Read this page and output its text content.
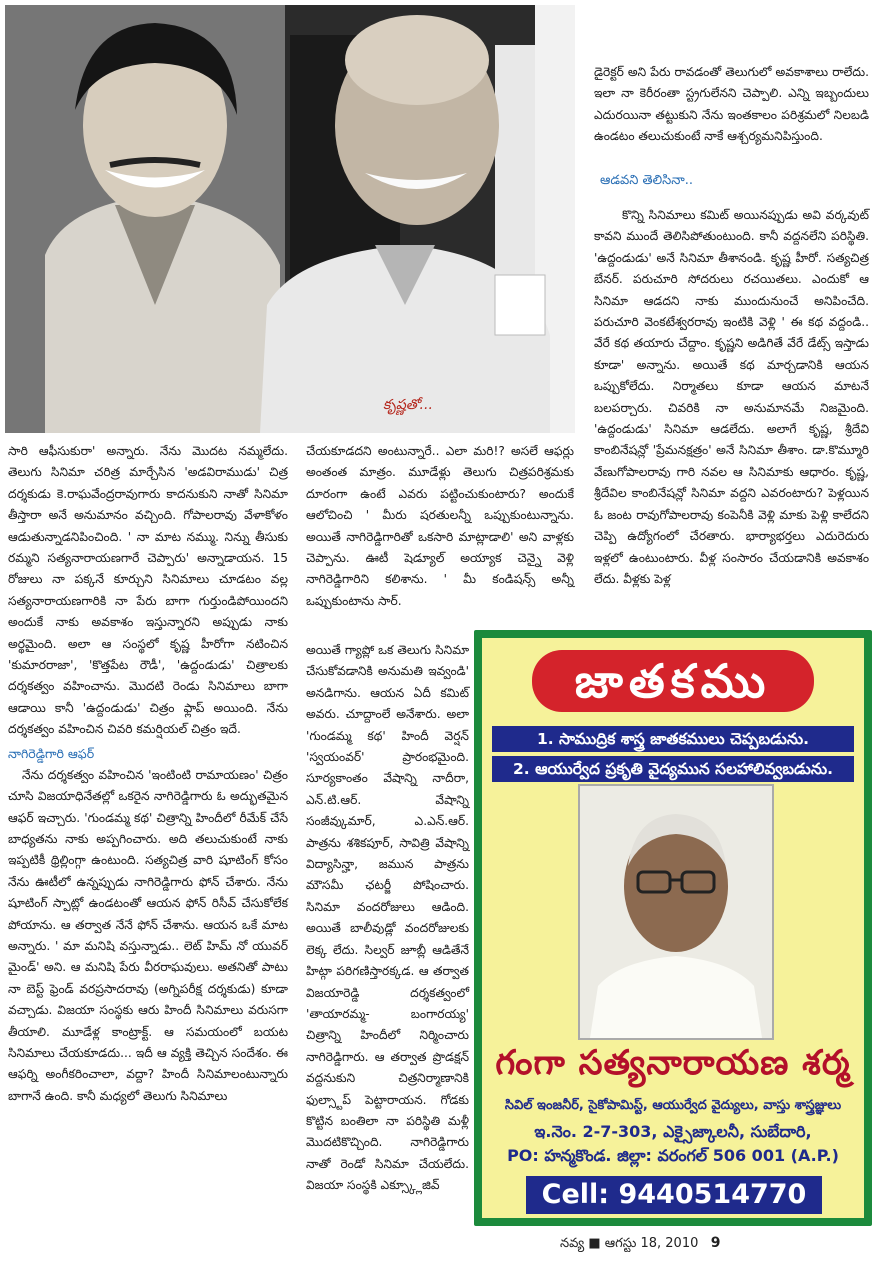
కృష్ణతో...

డైరెక్టర్ అని పేరు రావడంతో తెలుగులో అవకాశాలు రాలేదు. ఇలా నా కెరీరంతా స్ట్రగులేనని చెప్పాలి. ఎన్ని ఇబ్బందులు ఎదురయినా తట్టుకుని నేను ఇంతకాలం పరిశ్రమలో నిలబడి ఉండటం తలుచుకుంటే నాకే ఆశ్చర్యమనిపిస్తుంది.

ఆడవని తెలిసినా..

కొన్ని సినిమాలు కమిట్ అయినప్పుడు అవి వర్కవుట్ కావని ముందే తెలిసిపోతుంటుంది. కానీ వద్దనలేని పరిస్థితి. 'ఉద్దండుడు' అనే సినిమా తీశానండి. కృష్ణ హీరో. సత్యచిత్ర బేనర్. పరుచూరి సోదరులు రచయితలు. ఎందుకో ఆ సినిమా ఆడదని నాకు ముందునుంచే అనిపించేది. పరుచూరి వెంకటేశ్వరరావు ఇంటికి వెళ్లి ' ఈ కథ వద్దండి.. వేరే కథ తయారు చేద్దాం. కృష్ణని అడిగితే వేరే డేట్స్ ఇస్తాడు కూడా' అన్నాను. అయితే కథ మార్చడానికి ఆయన ఒప్పుకోలేదు. నిర్మాతలు కూడా ఆయన మాటనే బలపర్చారు. చివరికి నా అనుమానమే నిజమైంది. 'ఉద్దండుడు' సినిమా ఆడలేదు. అలాగే కృష్ణ, శ్రీదేవి కాంబినేషన్లో 'ప్రేమనక్షత్రం' అనే సినిమా తీశాం. డా.కొమ్మూరి వేణుగోపాలరావు గారి నవల ఆ సినిమాకు ఆధారం. కృష్ణ, శ్రీదేవిల కాంబినేషన్లో సినిమా వద్దని ఎవరంటారు? పెళ్లయిన ఓ జంట రావుగోపాలరావు కంపెనీకి వెళ్లి మాకు పెళ్లి కాలేదని చెప్పి ఉద్యోగంలో చేరతారు. భార్యాభర్తలు ఎదురెదురు ఇళ్లలో ఉంటుంటారు. వీళ్ల సంసారం చేయడానికి అవకాశం లేదు. వీళ్లకు పెళ్ల

సారి ఆఫీసుకురా' అన్నారు. నేను మొదట నమ్మలేదు. తెలుగు సినిమా చరిత్ర మార్చేసిన 'అడవిరాముడు' చిత్ర దర్శకుడు కె.రాఘవేంద్రరావుగారు కాదనుకుని నాతో సినిమా తీస్తారా అనే అనుమానం వచ్చింది. గోపాలరావు వేళాకోళం ఆడుతున్నాడనిపించింది. ' నా మాట నమ్ము. నిన్ను తీసుకు రమ్మని సత్యనారాయణగారే చెప్పారు' అన్నాడాయన. 15 రోజులు నా పక్కనే కూర్చుని సినిమాలు చూడటం వల్ల సత్యనారాయణగారికి నా పేరు బాగా గుర్తుండిపోయిందని అందుకే నాకు అవకాశం ఇస్తున్నారని అప్పుడు నాకు అర్థమైంది. అలా ఆ సంస్థలో కృష్ణ హీరోగా నటించిన 'కుమారరాజా', 'కొత్తపేట రౌడీ', 'ఉద్దండుడు' చిత్రాలకు దర్శకత్వం వహించాను. మొదటి రెండు సినిమాలు బాగా ఆడాయి కానీ 'ఉద్దండుడు' చిత్రం ఫ్లాప్ అయింది. నేను దర్శకత్వం వహించిన చివరి కమర్షియల్ చిత్రం ఇదే.

నాగిరెడ్డిగారి ఆఫర్

నేను దర్శకత్వం వహించిన 'ఇంటింటి రామాయణం' చిత్రం చూసి విజయాధినేతల్లో ఒకరైన నాగిరెడ్డిగారు ఓ అద్భుతమైన ఆఫర్ ఇచ్చారు. 'గుండమ్మ కథ' చిత్రాన్ని హిందీలో రీమేక్ చేసే బాధ్యతను నాకు అప్పగించారు. అది తలుచుకుంటే నాకు ఇప్పటికీ థ్రిల్లింగ్గా ఉంటుంది. సత్యచిత్ర వారి షూటింగ్ కోసం నేను ఊటీలో ఉన్నప్పుడు నాగిరెడ్డిగారు ఫోన్ చేశారు. నేను షూటింగ్ స్పాట్లో ఉండటంతో ఆయన ఫోన్ రిసీవ్ చేసుకోలేక పోయాను. ఆ తర్వాత నేనే ఫోన్ చేశాను. ఆయన ఒకే మాట అన్నారు. ' మా మనిషి వస్తున్నాడు.. లెట్ హిమ్ నో యువర్ మైండ్' అని. ఆ మనిషి పేరు వీరరాఘవులు. అతనితో పాటు నా బెస్ట్ ఫ్రెండ్ వరప్రసాదరావు (అగ్నిపరీక్ష దర్శకుడు) కూడా వచ్చాడు. విజయా సంస్థకు ఆరు హిందీ సినిమాలు వరుసగా తీయాలి. మూడేళ్ల కాంట్రాక్ట్. ఆ సమయంలో బయట సినిమాలు చేయకూడదు... ఇదీ ఆ వ్యక్తి తెచ్చిన సందేశం. ఈ ఆఫర్ని అంగీకరించాలా, వద్దా? హిందీ సినిమాలంటున్నారు బాగానే ఉంది. కానీ మధ్యలో తెలుగు సినిమాలు

చేయకూడదని అంటున్నారే.. ఎలా మరి!? అసలే ఆఫర్లు అంతంత మాత్రం. మూడేళ్లు తెలుగు చిత్రపరిశ్రమకు దూరంగా ఉంటే ఎవరు పట్టించుకుంటారు? అందుకే ఆలోచించి ' మీరు షరతులన్నీ ఒప్పుకుంటున్నాను. అయితే నాగిరెడ్డిగారితో ఒకసారి మాట్లాడాలి' అని వాళ్లకు చెప్పాను. ఊటీ షెడ్యూల్ అయ్యాక చెన్నై వెళ్లి నాగిరెడ్డిగారిని కలిశాను. ' మీ కండిషన్స్ అన్నీ ఒప్పుకుంటాను సార్.

అయితే గ్యాప్లో ఒక తెలుగు సినిమా చేసుకోవడానికి అనుమతి ఇవ్వండి' అనడిగాను. ఆయన ఏదీ కమిట్ అవరు. చూద్దాంలే అనేశారు. అలా 'గుండమ్మ కథ' హిందీ వెర్షన్ 'స్వయంవర్' ప్రారంభమైంది. సూర్యకాంతం వేషాన్ని నాదీరా, ఎన్.టి.ఆర్. వేషాన్ని సంజీవ్కుమార్, ఎ.ఎన్.ఆర్. పాత్రను శశికపూర్, సావిత్రి వేషాన్ని విద్యాసిన్హా, జమున పాత్రను మౌసమీ ఛటర్జీ పోషించారు. సినిమా వందరోజులు ఆడింది. అయితే బాలీవుడ్లో వందరోజులకు లెక్క లేదు. సిల్వర్ జూబ్లీ ఆడితేనే హిట్గా పరిగణిస్తారక్కడ. ఆ తర్వాత విజయారెడ్డి దర్శకత్వంలో 'తాయారమ్మ- బంగారయ్య' చిత్రాన్ని హిందీలో నిర్మించారు నాగిరెడ్డిగారు. ఆ తర్వాత ప్రొడక్షన్ వద్దనుకుని చిత్రనిర్మాణానికి ఫుల్స్టాప్ పెట్టారాయన. గోడకు కొట్టిన బంతిలా నా పరిస్థితి మళ్లీ మొదటికొచ్చింది. నాగిరెడ్డిగారు నాతో రెండో సినిమా చేయలేదు. విజయా సంస్థకి ఎక్స్క్లూజివ్

జాతకము
1. సాముద్రిక శాస్త్ర జాతకములు చెప్పబడును.
2. ఆయుర్వేద ప్రకృతి వైద్యమున సలహాలివ్వబడును.
గంగా సత్యనారాయణ శర్మ
సివిల్ ఇంజనీర్, సైకోపామిస్ట్, ఆయుర్వేద వైద్యులు, వాస్తు శాస్త్రజ్ఞులు
ఇ.నెం. 2-7-303, ఎక్సైజ్కాలనీ, సుబేదారి,
PO: హన్మకొండ. జిల్లా: వరంగల్ 506 001 (A.P.)
Cell: 9440514770
నవ్య ■ ఆగస్టు 18, 2010 9
